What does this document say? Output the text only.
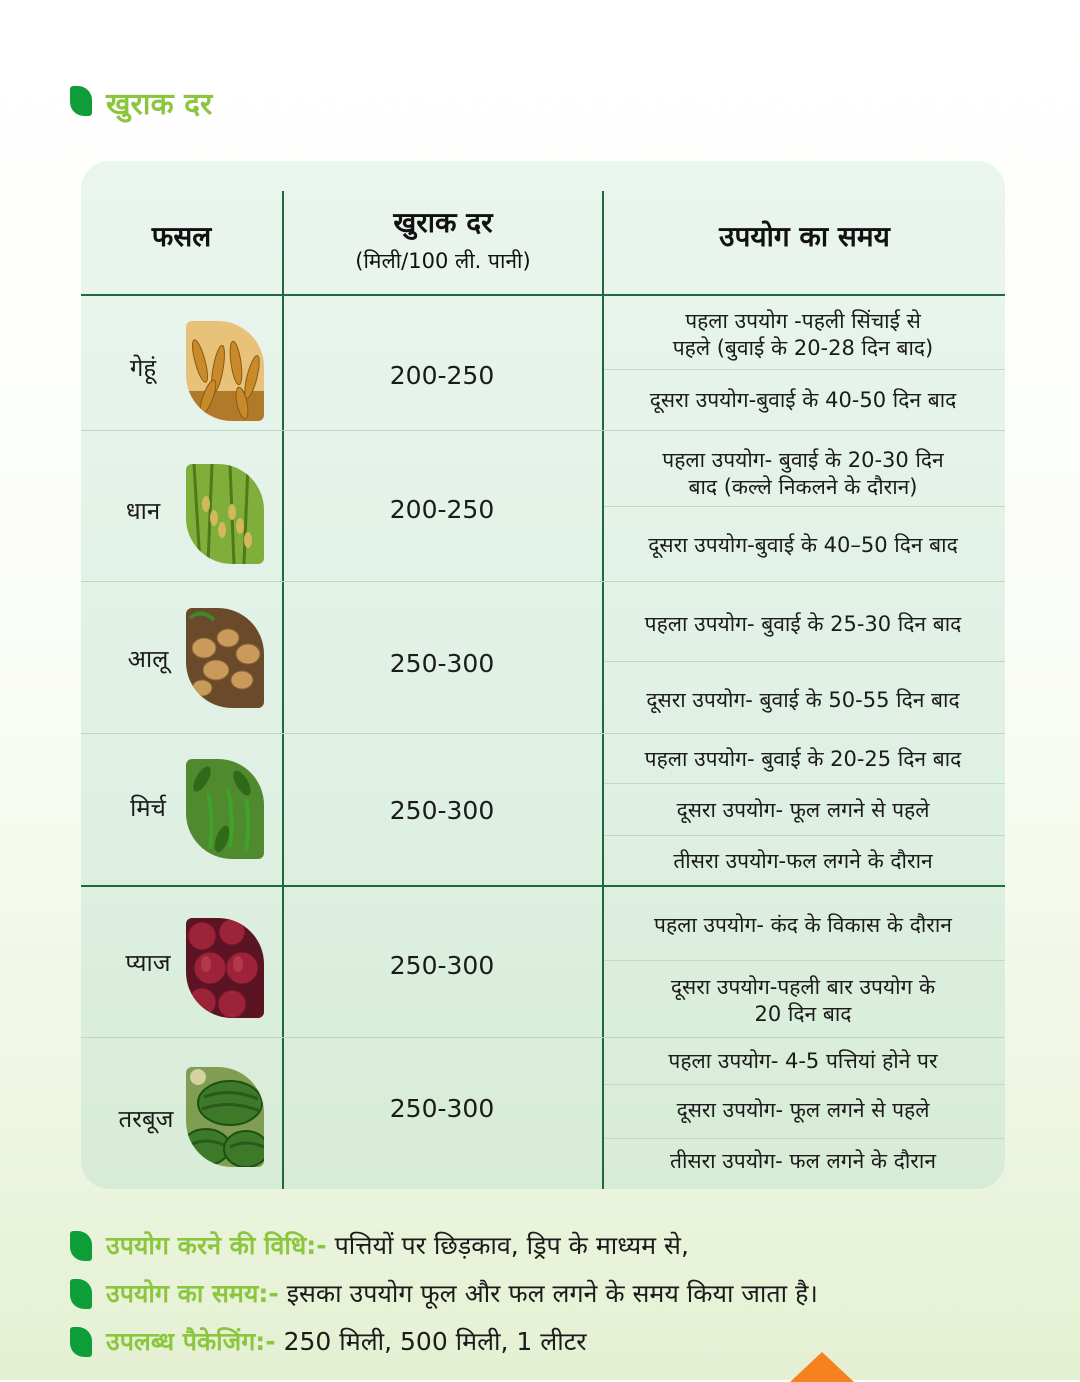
खुराक दर
फसल	खुराक दर
(मिली/100 ली. पानी)
उपयोग का समय
गेहूं	200-250
पहला उपयोग -पहली सिंचाई से
पहले (बुवाई के 20-28 दिन बाद)
दूसरा उपयोग-बुवाई के 40-50 दिन बाद
धान	200-250
पहला उपयोग- बुवाई के 20-30 दिन
बाद (कल्ले निकलने के दौरान)
दूसरा उपयोग-बुवाई के 40–50 दिन बाद
आलू	250-300
पहला उपयोग- बुवाई के 25-30 दिन बाद
दूसरा उपयोग- बुवाई के 50-55 दिन बाद
मिर्च	250-300
पहला उपयोग- बुवाई के 20-25 दिन बाद
दूसरा उपयोग- फूल लगने से पहले
तीसरा उपयोग-फल लगने के दौरान
प्याज	250-300
पहला उपयोग- कंद के विकास के दौरान
दूसरा उपयोग-पहली बार उपयोग के
20 दिन बाद
तरबूज	250-300
पहला उपयोग- 4-5 पत्तियां होने पर
दूसरा उपयोग- फूल लगने से पहले
तीसरा उपयोग- फल लगने के दौरान
उपयोग करने की विधि:- पत्तियों पर छिड़काव, ड्रिप के माध्यम से,
उपयोग का समय:- इसका उपयोग फूल और फल लगने के समय किया जाता है।
उपलब्ध पैकेजिंग:- 250 मिली, 500 मिली, 1 लीटर
